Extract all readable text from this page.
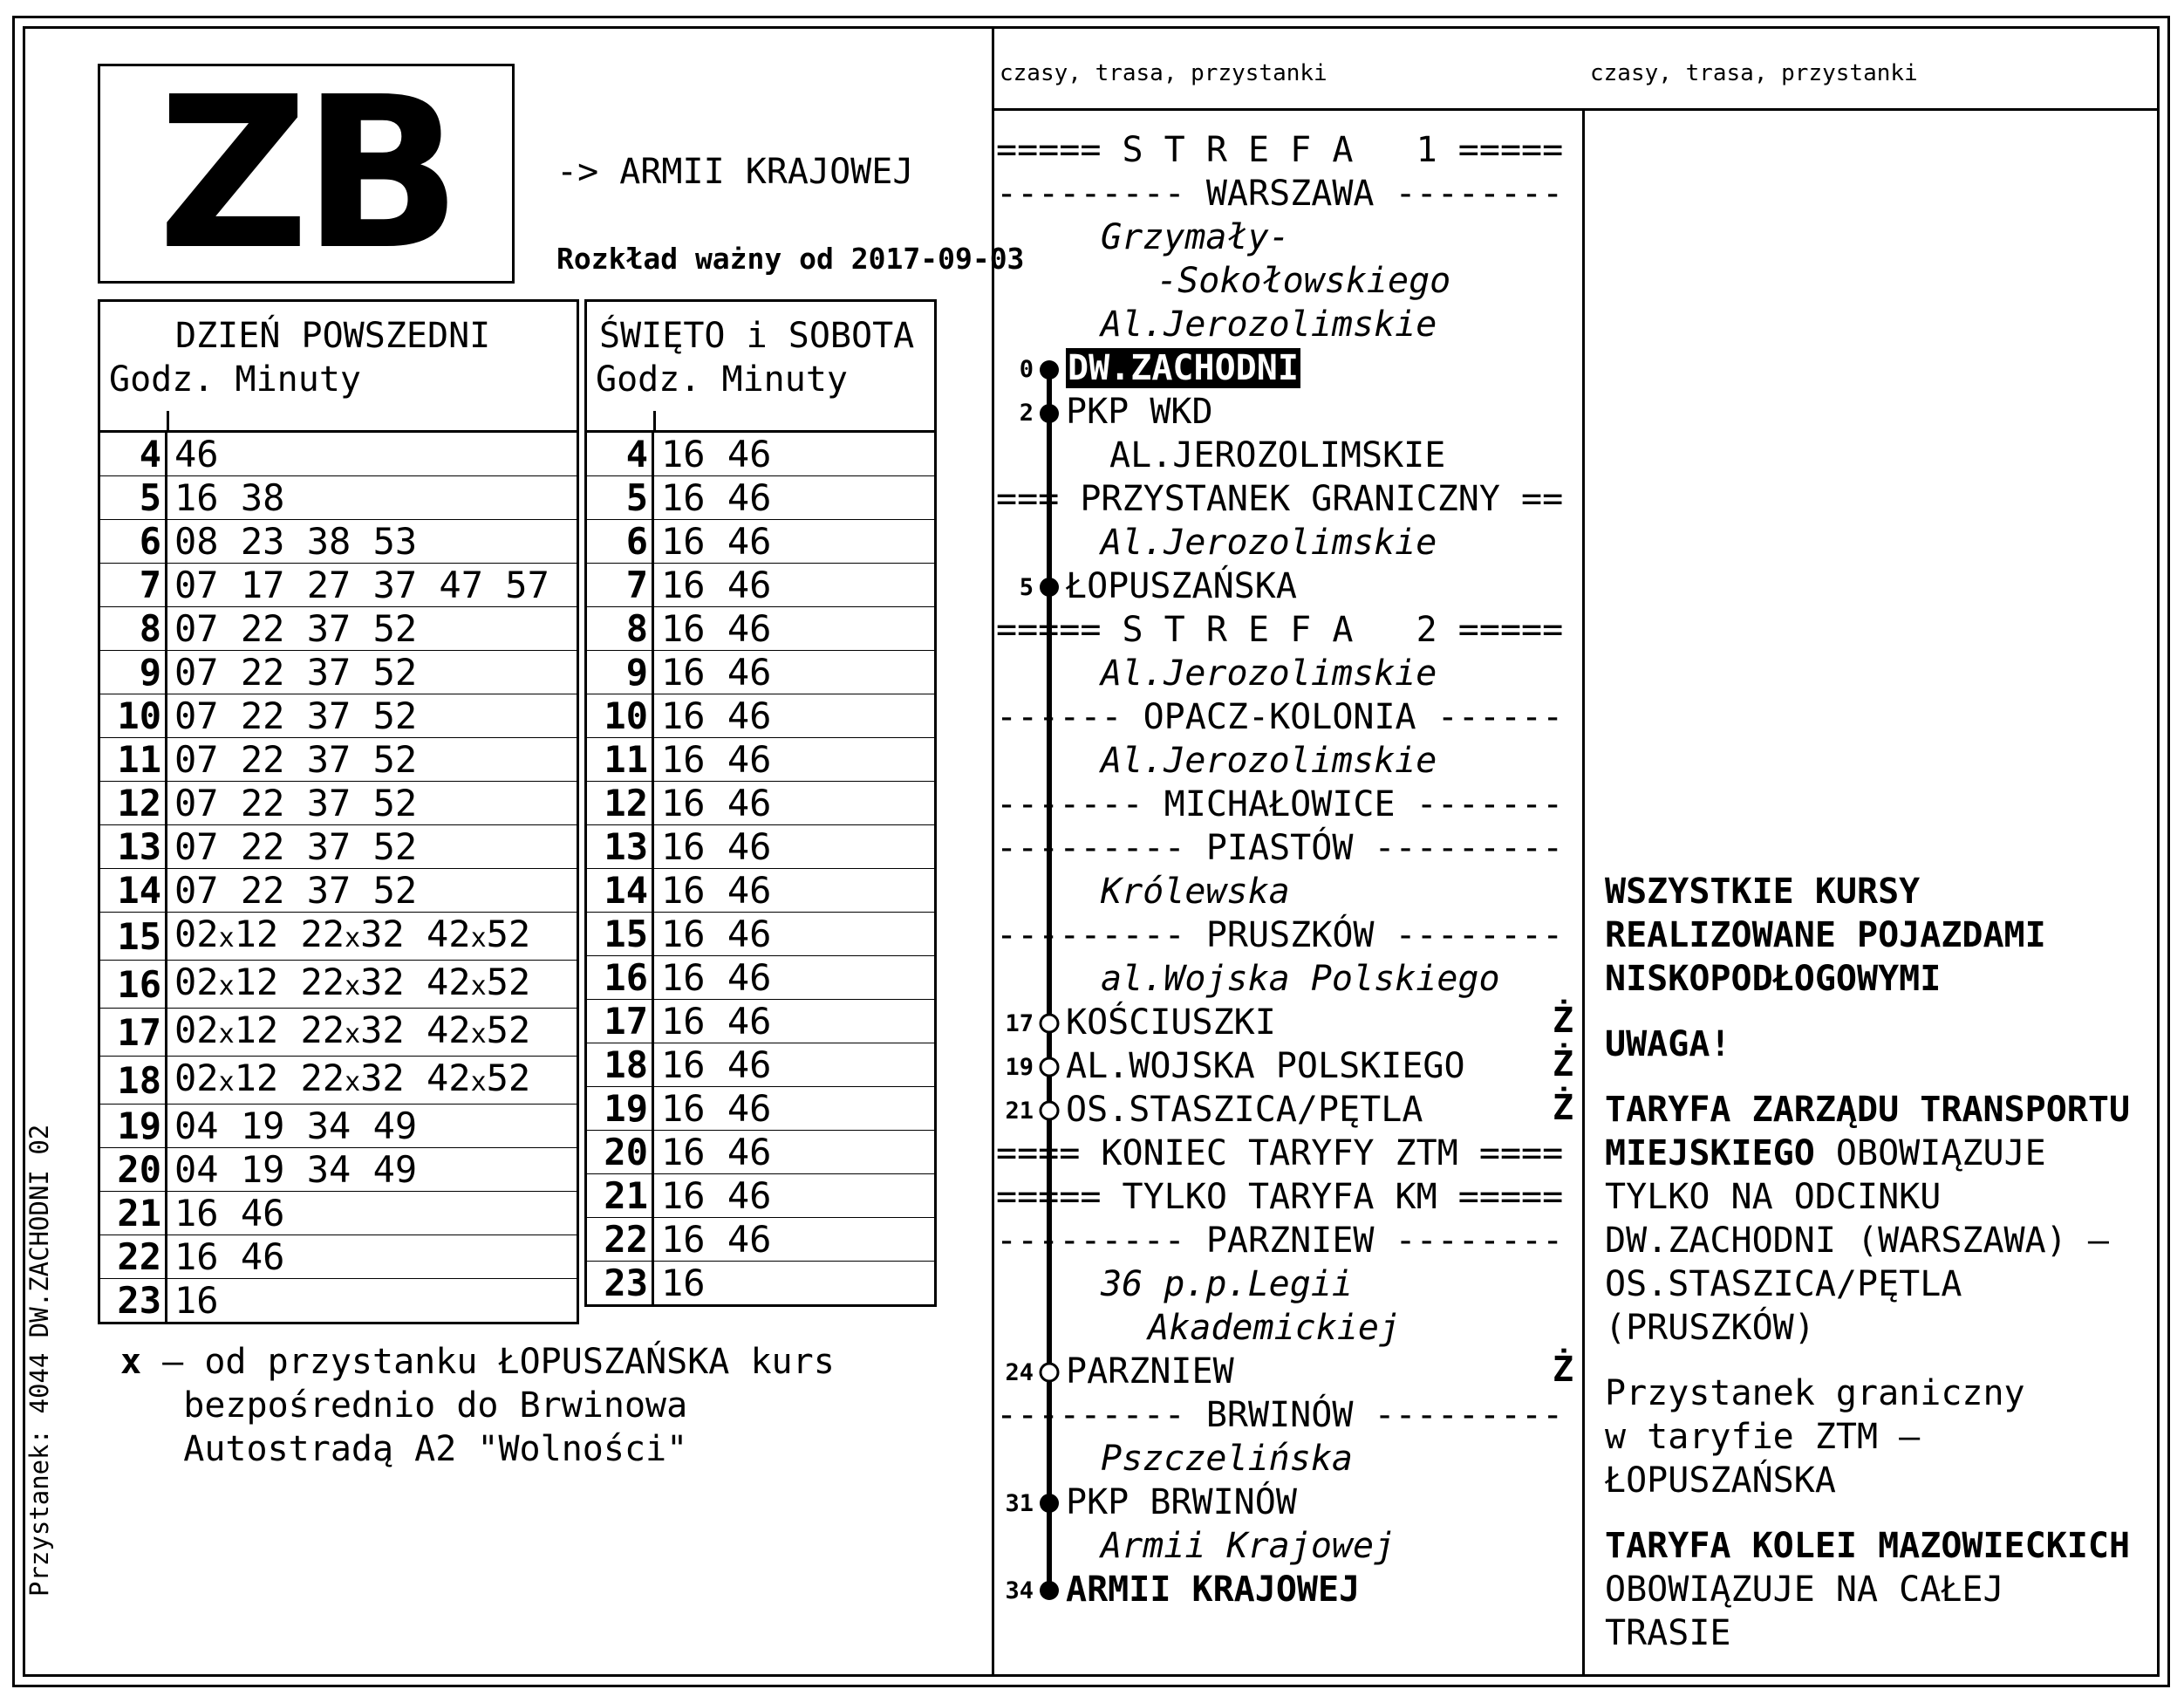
ZB	-> ARMII KRAJOWEJ
Rozkład ważny od 2017-09-03
DZIEŃ POWSZEDNI
Godz. Minuty
4	46
5	16 38
6	08 23 38 53
7	07 17 27 37 47 57
8	07 22 37 52
9	07 22 37 52
10	07 22 37 52
11	07 22 37 52
12	07 22 37 52
13	07 22 37 52
14	07 22 37 52
15	02x12 22x32 42x52
16	02x12 22x32 42x52
17	02x12 22x32 42x52
18	02x12 22x32 42x52
19	04 19 34 49
20	04 19 34 49
21	16 46
22	16 46
23	16
ŚWIĘTO i SOBOTA
Godz. Minuty
4	16 46
5	16 46
6	16 46
7	16 46
8	16 46
9	16 46
10	16 46
11	16 46
12	16 46
13	16 46
14	16 46
15	16 46
16	16 46
17	16 46
18	16 46
19	16 46
20	16 46
21	16 46
22	16 46
23	16
x – od przystanku ŁOPUSZAŃSKA kurs
bezpośrednio do Brwinowa
Autostradą A2 "Wolności"
Przystanek: 4044 DW.ZACHODNI 02
czasy, trasa, przystanki	czasy, trasa, przystanki
===== S T R E F A   1 =====
--------- WARSZAWA --------
Grzymały-
-Sokołowskiego
Al.Jerozolimskie
0 DW.ZACHODNI
2 PKP WKD
AL.JEROZOLIMSKIE
=== PRZYSTANEK GRANICZNY ==
Al.Jerozolimskie
5 ŁOPUSZAŃSKA
===== S T R E F A   2 =====
Al.Jerozolimskie
------ OPACZ-KOLONIA ------
Al.Jerozolimskie
------- MICHAŁOWICE -------
--------- PIASTÓW ---------
Królewska
--------- PRUSZKÓW --------
al.Wojska Polskiego
17 KOŚCIUSZKI	Ż
19 AL.WOJSKA POLSKIEGO	Ż
21 OS.STASZICA/PĘTLA	Ż
==== KONIEC TARYFY ZTM ====
===== TYLKO TARYFA KM =====
--------- PARZNIEW --------
36 p.p.Legii
Akademickiej
24 PARZNIEW	Ż
--------- BRWINÓW ---------
Pszczelińska
31 PKP BRWINÓW
Armii Krajowej
34 ARMII KRAJOWEJ
WSZYSTKIE KURSY
REALIZOWANE POJAZDAMI
NISKOPODŁOGOWYMI
UWAGA!
TARYFA ZARZĄDU TRANSPORTU
MIEJSKIEGO OBOWIĄZUJE
TYLKO NA ODCINKU
DW.ZACHODNI (WARSZAWA) –
OS.STASZICA/PĘTLA
(PRUSZKÓW)
Przystanek graniczny
w taryfie ZTM –
ŁOPUSZAŃSKA
TARYFA KOLEI MAZOWIECKICH
OBOWIĄZUJE NA CAŁEJ
TRASIE
